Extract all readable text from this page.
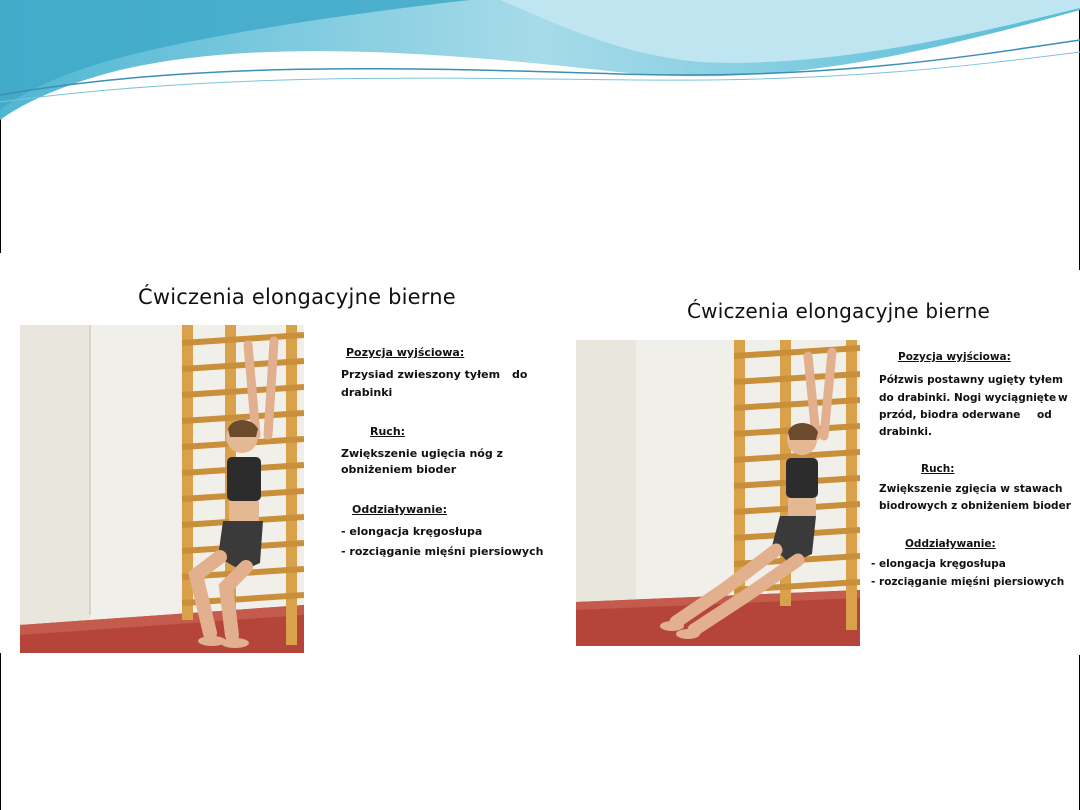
Ćwiczenia elongacyjne bierne
Pozycja wyjściowa:
Przysiad zwieszony tyłem do
drabinki
Ruch:
Zwiększenie ugięcia nóg z
obniżeniem bioder
Oddziaływanie:
- elongacja kręgosłupa
- rozciąganie mięśni piersiowych
Ćwiczenia elongacyjne bierne
Pozycja wyjściowa:
Półzwis postawny ugięty tyłem
do drabinki. Nogi wyciągnięte w
przód, biodra oderwane od
drabinki.
Ruch:
Zwiększenie zgięcia w stawach
biodrowych z obniżeniem bioder
Oddziaływanie:
- elongacja kręgosłupa
- rozciąganie mięśni piersiowych
